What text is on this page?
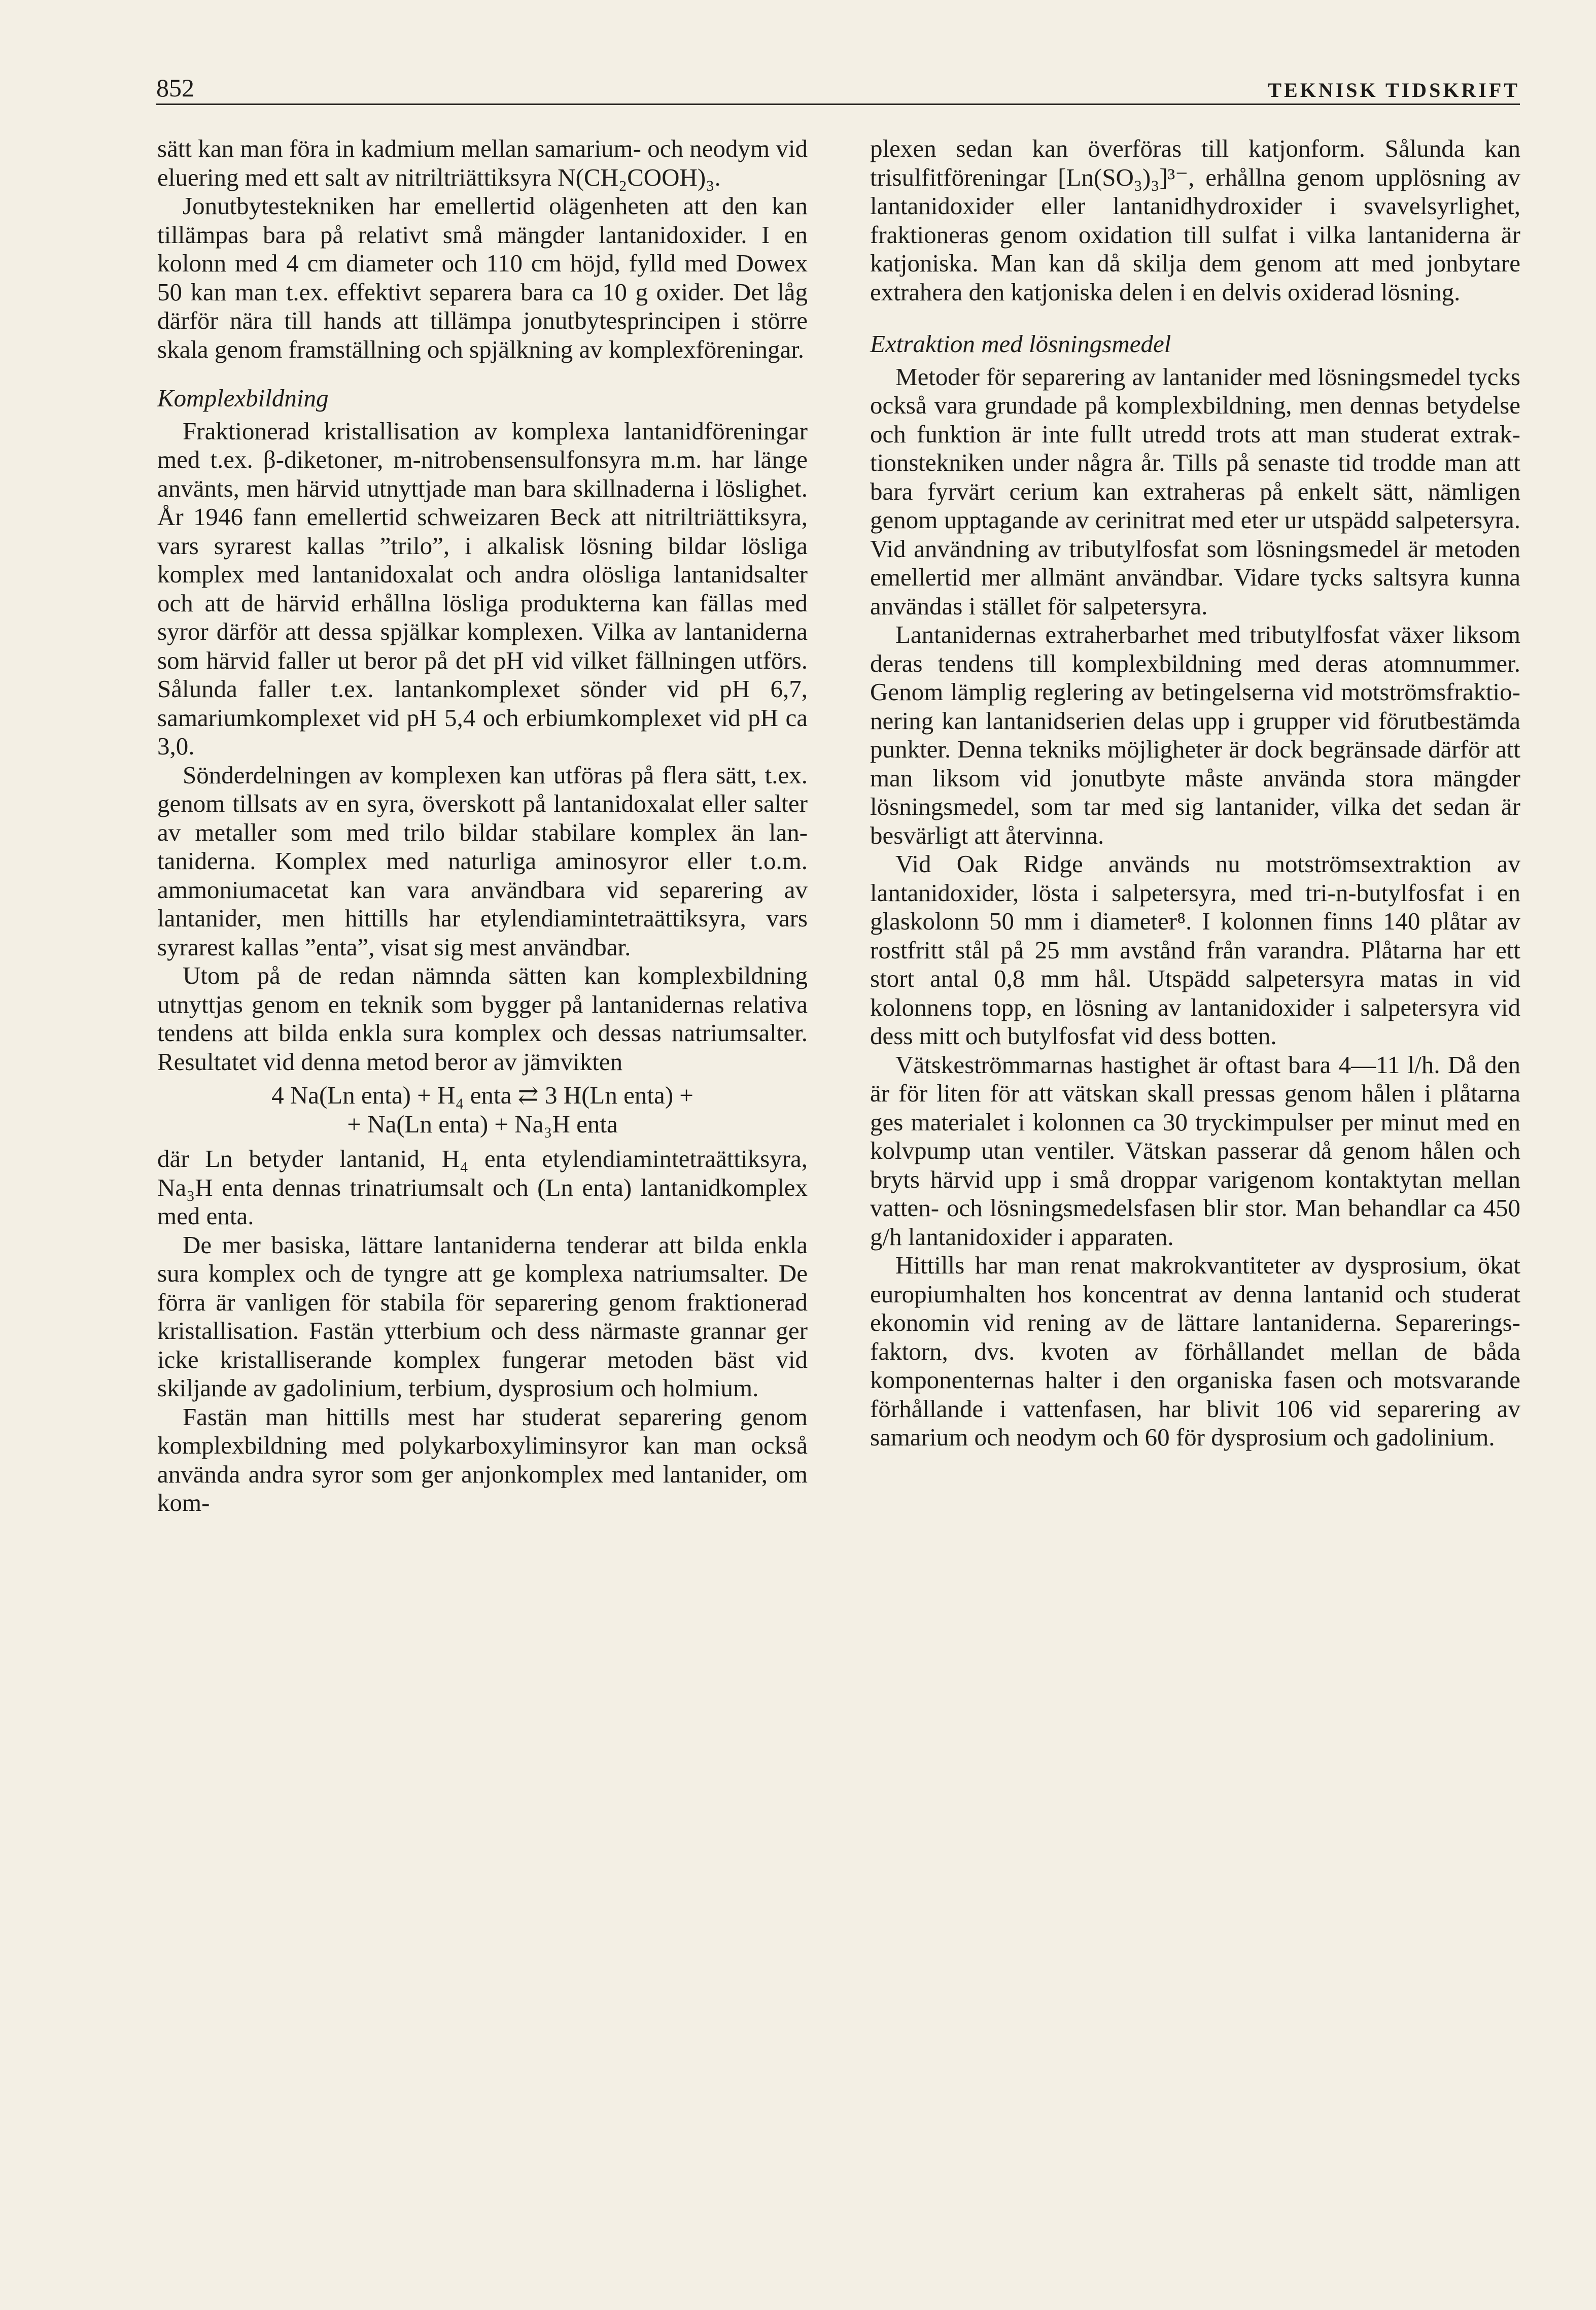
852	TEKNISK TIDSKRIFT

sätt kan man föra in kadmium mellan samarium- och neodym vid eluering med ett salt av nitriltriättiksyra N(CH₂COOH)₃.

Jonutbytestekniken har emellertid olägenheten att den kan tillämpas bara på relativt små mängder lantanidoxider. I en kolonn med 4 cm diameter och 110 cm höjd, fylld med Dowex 50 kan man t.ex. effektivt separera bara ca 10 g oxider. Det låg därför nära till hands att tillämpa jonutbytesprincipen i större skala genom framställning och spjälkning av komplexföreningar.

Komplexbildning

Fraktionerad kristallisation av komplexa lantanidföreningar med t.ex. β-diketoner, m-nitrobensensulfonsyra m.m. har länge använts, men härvid utnyttjade man bara skillnaderna i löslighet. År 1946 fann emellertid schweizaren Beck att nitriltriättiksyra, vars syrarest kallas ”trilo”, i alkalisk lösning bildar lösliga komplex med lantanidoxalat och andra olösliga lantanidsalter och att de härvid erhållna lösliga produkterna kan fällas med syror därför att dessa spjälkar komplexen. Vilka av lantaniderna som härvid faller ut beror på det pH vid vilket fällningen utförs. Sålunda faller t.ex. lantankomplexet sönder vid pH 6,7, samariumkomplexet vid pH 5,4 och erbiumkomplexet vid pH ca 3,0.

Sönderdelningen av komplexen kan utföras på flera sätt, t.ex. genom tillsats av en syra, överskott på lantanidoxalat eller salter av metaller som med trilo bildar stabilare komplex än lantaniderna. Komplex med naturliga aminosyror eller t.o.m. ammoniumacetat kan vara användbara vid separering av lantanider, men hittills har etylendiamintetraättiksyra, vars syrarest kallas ”enta”, visat sig mest användbar.

Utom på de redan nämnda sätten kan komplexbildning utnyttjas genom en teknik som bygger på lantanidernas relativa tendens att bilda enkla sura komplex och dessas natriumsalter. Resultatet vid denna metod beror av jämvikten

4 Na(Ln enta) + H₄ enta ⇄ 3 H(Ln enta) +
+ Na(Ln enta) + Na₃H enta

där Ln betyder lantanid, H₄ enta etylendiamintetraättiksyra, Na₃H enta dennas trinatriumsalt och (Ln enta) lantanidkomplex med enta.

De mer basiska, lättare lantaniderna tenderar att bilda enkla sura komplex och de tyngre att ge komplexa natriumsalter. De förra är vanligen för stabila för separering genom fraktionerad kristallisation. Fastän ytterbium och dess närmaste grannar ger icke kristalliserande komplex fungerar metoden bäst vid skiljande av gadolinium, terbium, dysprosium och holmium.

Fastän man hittills mest har studerat separering genom komplexbildning med polykarboxyliminsyror kan man också använda andra syror som ger anjonkomplex med lantanider, om kom-

plexen sedan kan överföras till katjonform. Sålunda kan trisulfitföreningar [Ln(SO₃)₃]³⁻, erhållna genom upplösning av lantanidoxider eller lantanidhydroxider i svavelsyrlighet, fraktioneras genom oxidation till sulfat i vilka lantaniderna är katjoniska. Man kan då skilja dem genom att med jonbytare extrahera den katjoniska delen i en delvis oxiderad lösning.

Extraktion med lösningsmedel

Metoder för separering av lantanider med lösningsmedel tycks också vara grundade på komplexbildning, men dennas betydelse och funktion är inte fullt utredd trots att man studerat extraktionstekniken under några år. Tills på senaste tid trodde man att bara fyrvärt cerium kan extraheras på enkelt sätt, nämligen genom upptagande av cerinitrat med eter ur utspädd salpetersyra. Vid användning av tributylfosfat som lösningsmedel är metoden emellertid mer allmänt användbar. Vidare tycks saltsyra kunna användas i stället för salpetersyra.

Lantanidernas extraherbarhet med tributylfosfat växer liksom deras tendens till komplexbildning med deras atomnummer. Genom lämplig reglering av betingelserna vid motströmsfraktionering kan lantanidserien delas upp i grupper vid förutbestämda punkter. Denna tekniks möjligheter är dock begränsade därför att man liksom vid jonutbyte måste använda stora mängder lösningsmedel, som tar med sig lantanider, vilka det sedan är besvärligt att återvinna.

Vid Oak Ridge används nu motströmsextraktion av lantanidoxider, lösta i salpetersyra, med tri-n-butylfosfat i en glaskolonn 50 mm i diameter⁸. I kolonnen finns 140 plåtar av rostfritt stål på 25 mm avstånd från varandra. Plåtarna har ett stort antal 0,8 mm hål. Utspädd salpetersyra matas in vid kolonnens topp, en lösning av lantanidoxider i salpetersyra vid dess mitt och butylfosfat vid dess botten.

Vätskeströmmarnas hastighet är oftast bara 4—11 l/h. Då den är för liten för att vätskan skall pressas genom hålen i plåtarna ges materialet i kolonnen ca 30 tryckimpulser per minut med en kolvpump utan ventiler. Vätskan passerar då genom hålen och bryts härvid upp i små droppar varigenom kontaktytan mellan vatten- och lösningsmedelsfasen blir stor. Man behandlar ca 450 g/h lantanidoxider i apparaten.

Hittills har man renat makrokvantiteter av dysprosium, ökat europiumhalten hos koncentrat av denna lantanid och studerat ekonomin vid rening av de lättare lantaniderna. Separeringsfaktorn, dvs. kvoten av förhållandet mellan de båda komponenternas halter i den organiska fasen och motsvarande förhållande i vattenfasen, har blivit 106 vid separering av samarium och neodym och 60 för dysprosium och gadolinium.
